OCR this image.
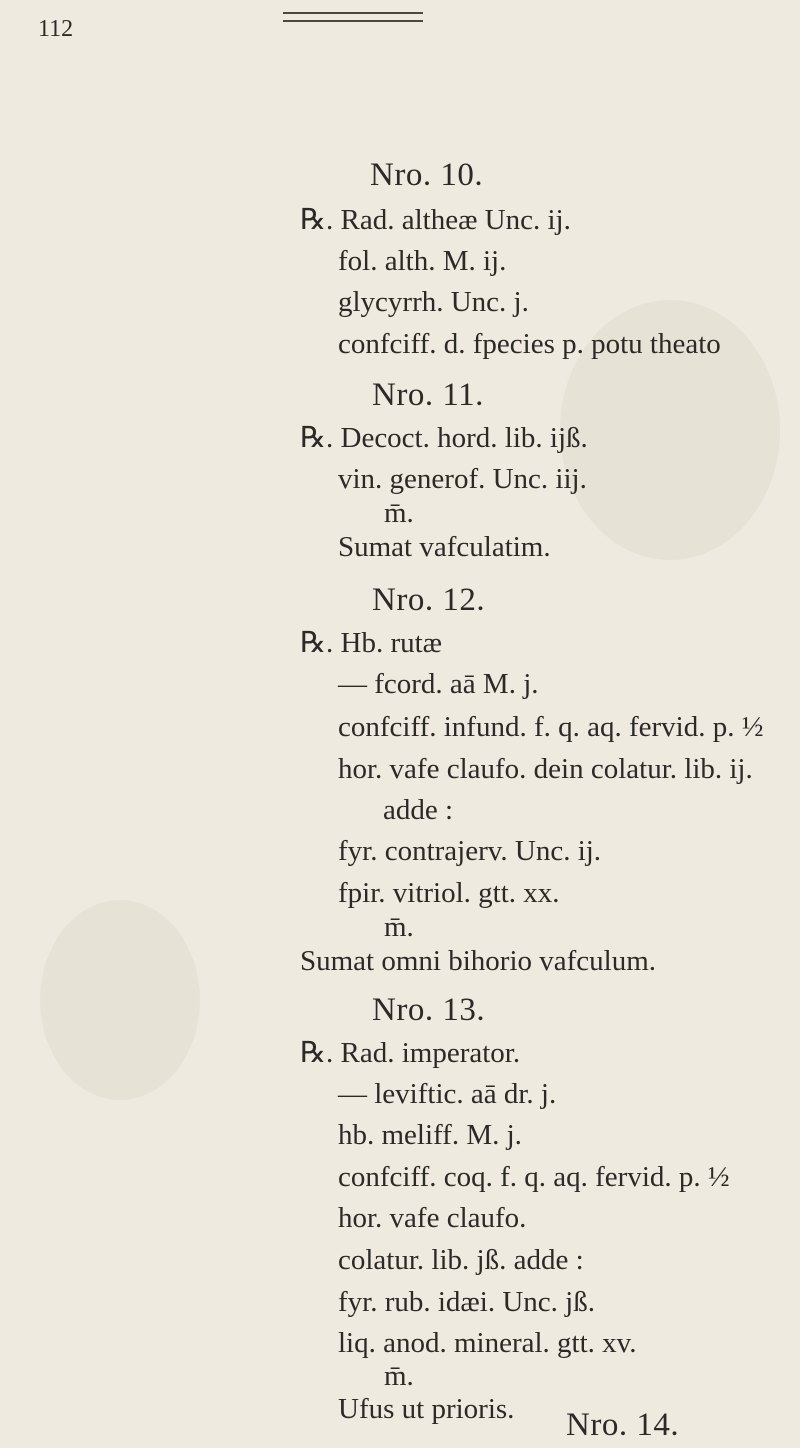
112
Nro. 10.
℞. Rad. altheæ Unc. ij.
fol. alth. M. ij.
glycyrrh. Unc. j.
confciff. d. fpecies p. potu theato
Nro. 11.
℞. Decoct. hord. lib. ijß.
vin. generof. Unc. iij.
m̄.
Sumat vafculatim.
Nro. 12.
℞. Hb. rutæ
— fcord. aā M. j.
confciff. infund. f. q. aq. fervid. p. ½
hor. vafe claufo. dein colatur. lib. ij.
adde :
fyr. contrajerv. Unc. ij.
fpir. vitriol. gtt. xx.
m̄.
Sumat omni bihorio vafculum.
Nro. 13.
℞. Rad. imperator.
— leviftic. aā dr. j.
hb. meliff. M. j.
confciff. coq. f. q. aq. fervid. p. ½
hor. vafe claufo.
colatur. lib. jß. adde :
fyr. rub. idæi. Unc. jß.
liq. anod. mineral. gtt. xv.
m̄.
Ufus ut prioris. Nro. 14.
